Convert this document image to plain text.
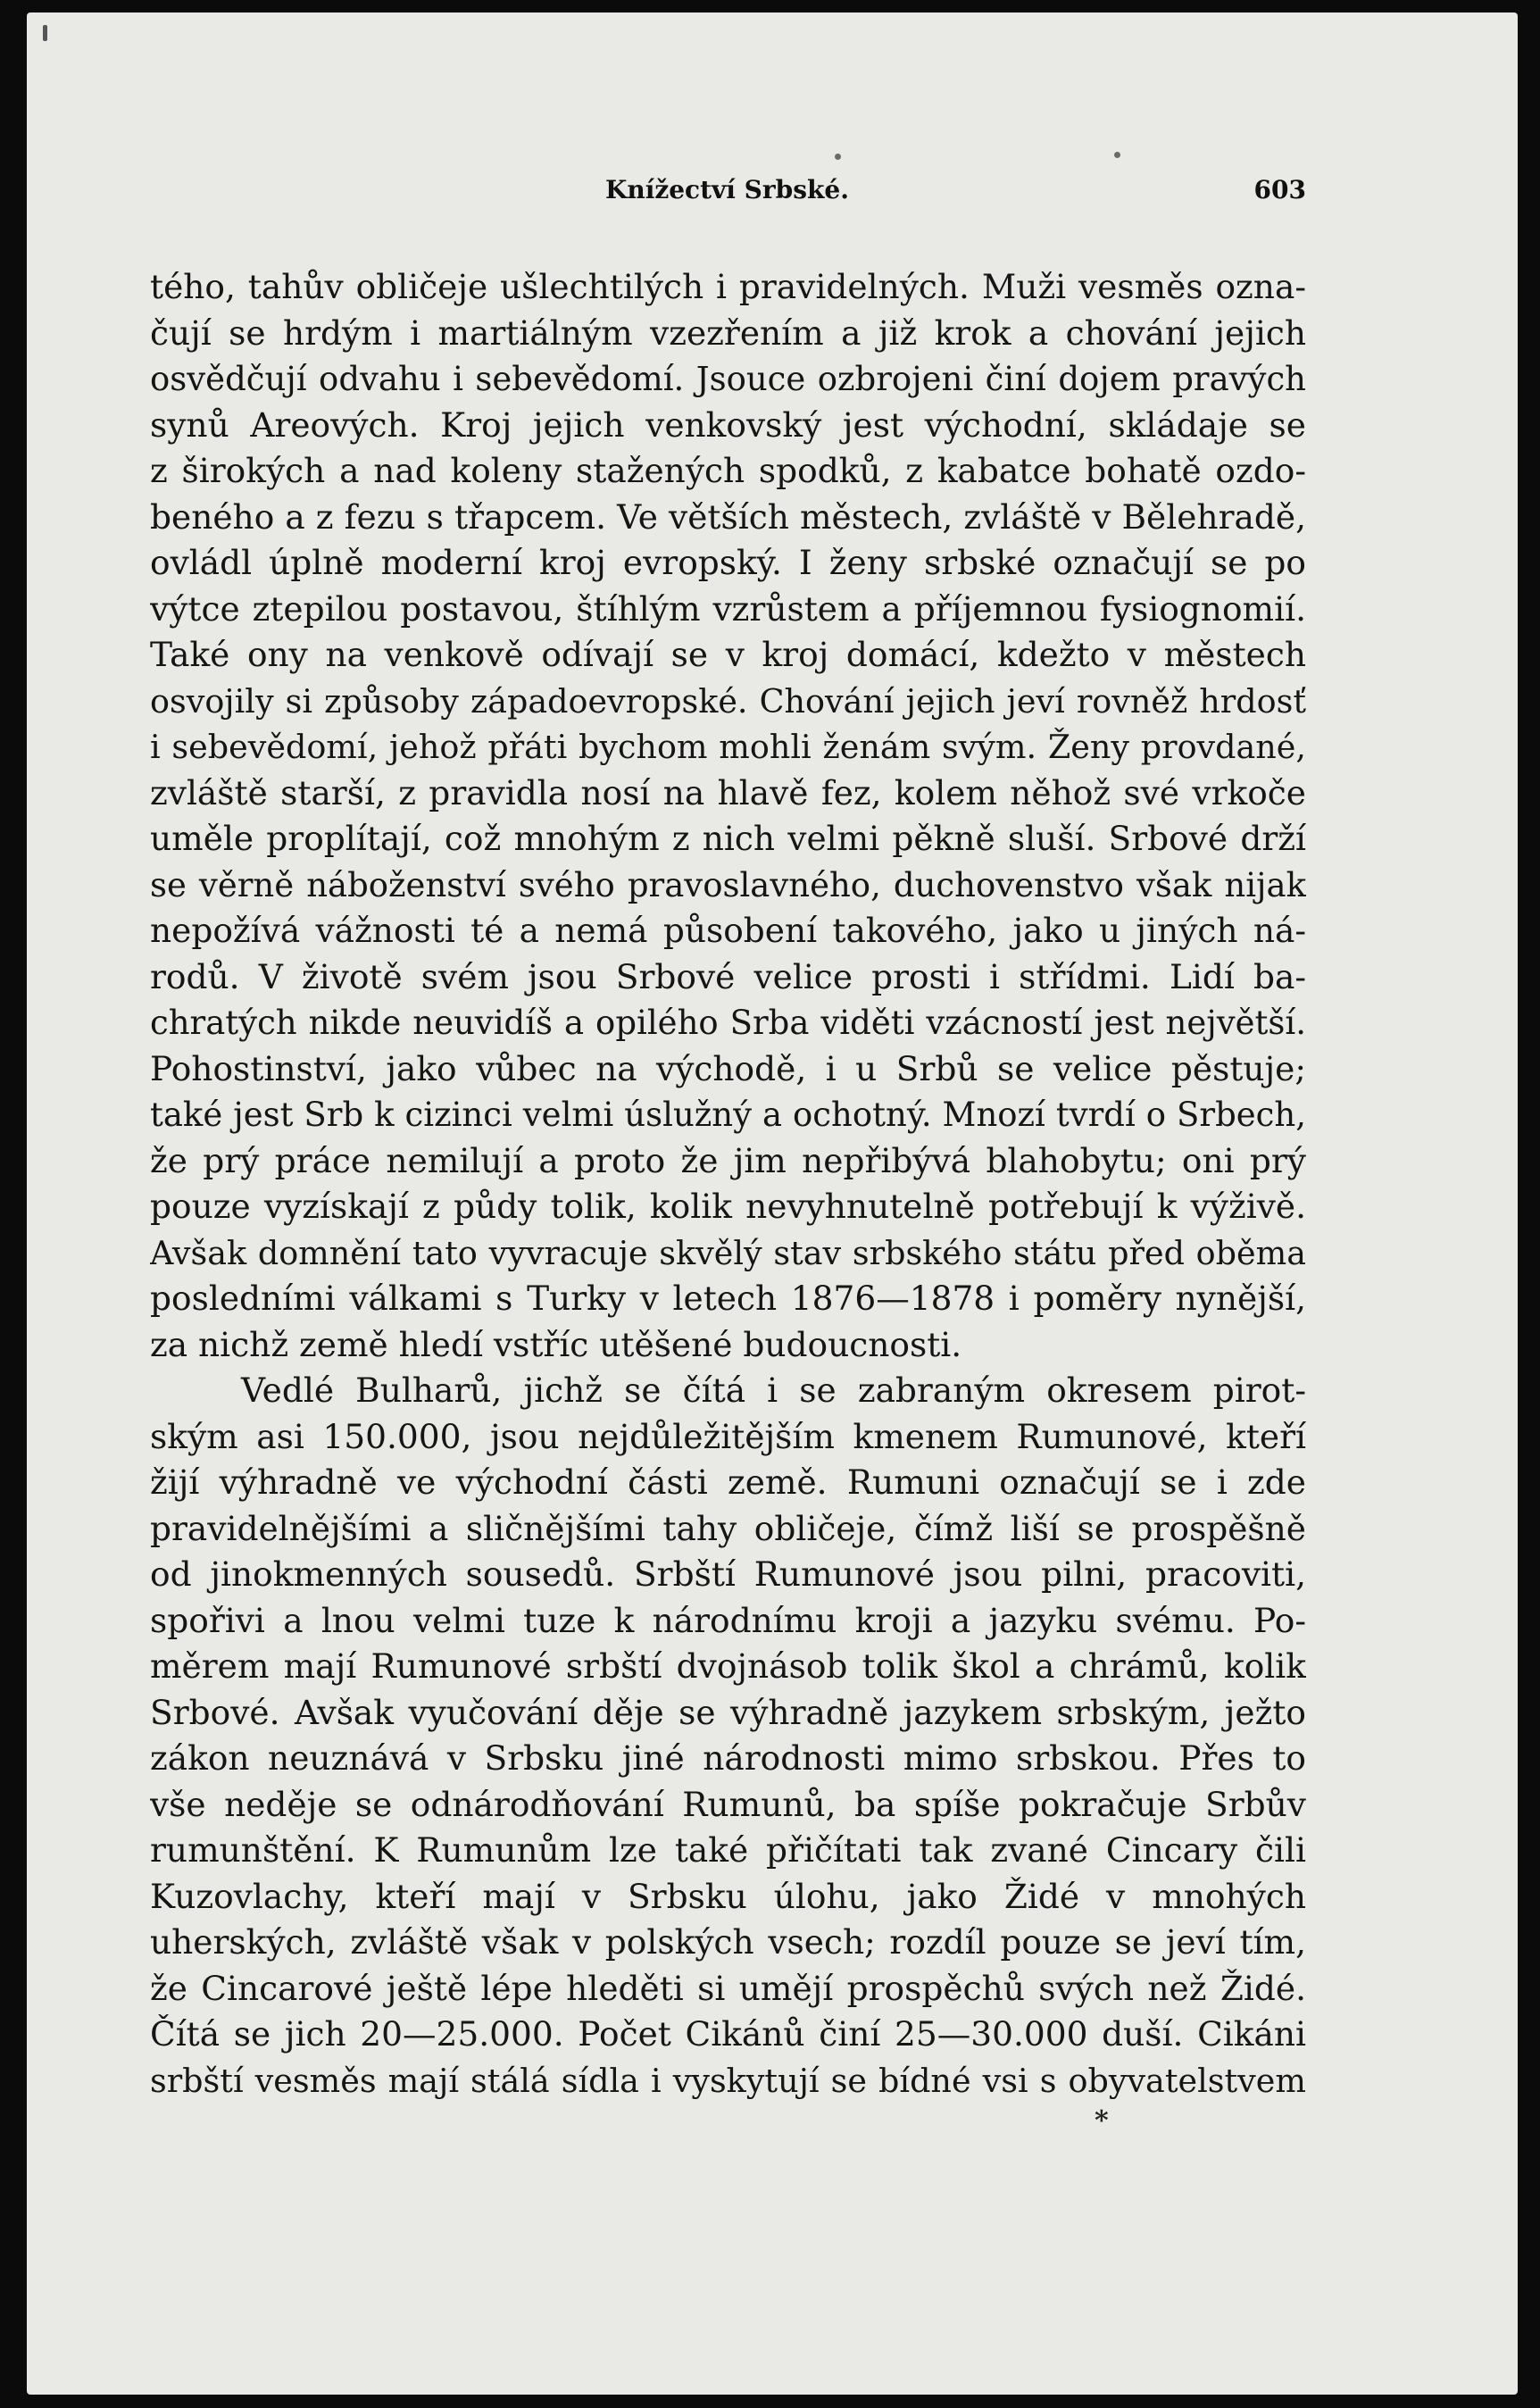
Knížectví Srbské.	603
tého, tahův obličeje ušlechtilých i pravidelných. Muži vesměs ozna-
čují se hrdým i martiálným vzezřením a již krok a chování jejich
osvědčují odvahu i sebevědomí. Jsouce ozbrojeni činí dojem pravých
synů Areových. Kroj jejich venkovský jest východní, skládaje se
z širokých a nad koleny stažených spodků, z kabatce bohatě ozdo-
beného a z fezu s třapcem. Ve větších městech, zvláště v Bělehradě,
ovládl úplně moderní kroj evropský. I ženy srbské označují se po
výtce ztepilou postavou, štíhlým vzrůstem a příjemnou fysiognomií.
Také ony na venkově odívají se v kroj domácí, kdežto v městech
osvojily si způsoby západoevropské. Chování jejich jeví rovněž hrdosť
i sebevědomí, jehož přáti bychom mohli ženám svým. Ženy provdané,
zvláště starší, z pravidla nosí na hlavě fez, kolem něhož své vrkoče
uměle proplítají, což mnohým z nich velmi pěkně sluší. Srbové drží
se věrně náboženství svého pravoslavného, duchovenstvo však nijak
nepožívá vážnosti té a nemá působení takového, jako u jiných ná-
rodů. V životě svém jsou Srbové velice prosti i střídmi. Lidí ba-
chratých nikde neuvidíš a opilého Srba viděti vzácností jest největší.
Pohostinství, jako vůbec na východě, i u Srbů se velice pěstuje;
také jest Srb k cizinci velmi úslužný a ochotný. Mnozí tvrdí o Srbech,
že prý práce nemilují a proto že jim nepřibývá blahobytu; oni prý
pouze vyzískají z půdy tolik, kolik nevyhnutelně potřebují k výživě.
Avšak domnění tato vyvracuje skvělý stav srbského státu před oběma
posledními válkami s Turky v letech 1876—1878 i poměry nynější,
za nichž země hledí vstříc utěšené budoucnosti.
Vedlé Bulharů, jichž se čítá i se zabraným okresem pirot-
ským asi 150.000, jsou nejdůležitějším kmenem Rumunové, kteří
žijí výhradně ve východní části země. Rumuni označují se i zde
pravidelnějšími a sličnějšími tahy obličeje, čímž liší se prospěšně
od jinokmenných sousedů. Srbští Rumunové jsou pilni, pracoviti,
spořivi a lnou velmi tuze k národnímu kroji a jazyku svému. Po-
měrem mají Rumunové srbští dvojnásob tolik škol a chrámů, kolik
Srbové. Avšak vyučování děje se výhradně jazykem srbským, ježto
zákon neuznává v Srbsku jiné národnosti mimo srbskou. Přes to
vše neděje se odnárodňování Rumunů, ba spíše pokračuje Srbův
rumunštění. K Rumunům lze také přičítati tak zvané Cincary čili
Kuzovlachy, kteří mají v Srbsku úlohu, jako Židé v mnohých
uherských, zvláště však v polských vsech; rozdíl pouze se jeví tím,
že Cincarové ještě lépe hleděti si umějí prospěchů svých než Židé.
Čítá se jich 20—25.000. Počet Cikánů činí 25—30.000 duší. Cikáni
srbští vesměs mají stálá sídla i vyskytují se bídné vsi s obyvatelstvem
*
